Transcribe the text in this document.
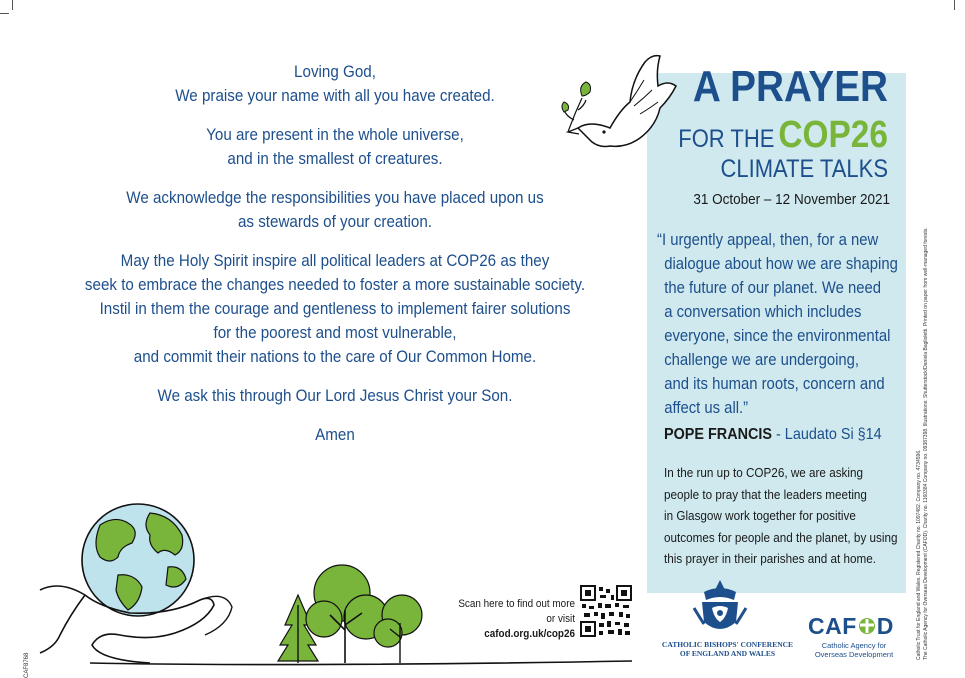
Loving God,
We praise your name with all you have created.

You are present in the whole universe,
and in the smallest of creatures.

We acknowledge the responsibilities you have placed upon us
as stewards of your creation.

May the Holy Spirit inspire all political leaders at COP26 as they
seek to embrace the changes needed to foster a more sustainable society.
Instil in them the courage and gentleness to implement fairer solutions
for the poorest and most vulnerable,
and commit their nations to the care of Our Common Home.

We ask this through Our Lord Jesus Christ your Son.

Amen

Scan here to find out more
or visit
cafod.org.uk/cop26
A PRAYER
FOR THE COP26
CLIMATE TALKS
31 October – 12 November 2021
“I urgently appeal, then, for a new
dialogue about how we are shaping
the future of our planet. We need
a conversation which includes
everyone, since the environmental
challenge we are undergoing,
and its human roots, concern and
affect us all.”
POPE FRANCIS - Laudato Si §14
In the run up to COP26, we are asking
people to pray that the leaders meeting
in Glasgow work together for positive
outcomes for people and the planet, by using
this prayer in their parishes and at home.
CATHOLIC BISHOPS' CONFERENCE
OF ENGLAND AND WALES
CAF D
Catholic Agency for
Overseas Development	Catholic Trust for England and Wales. Registered Charity no. 1097482. Company no. 4734596. The Catholic Agency for Overseas Development (CAFOD). Charity no. 1160384 Company no. 09387398. Illustrations: Shutterstock/Daniela Baglioletti. Printed on paper from well-managed forests.
CAF8768
